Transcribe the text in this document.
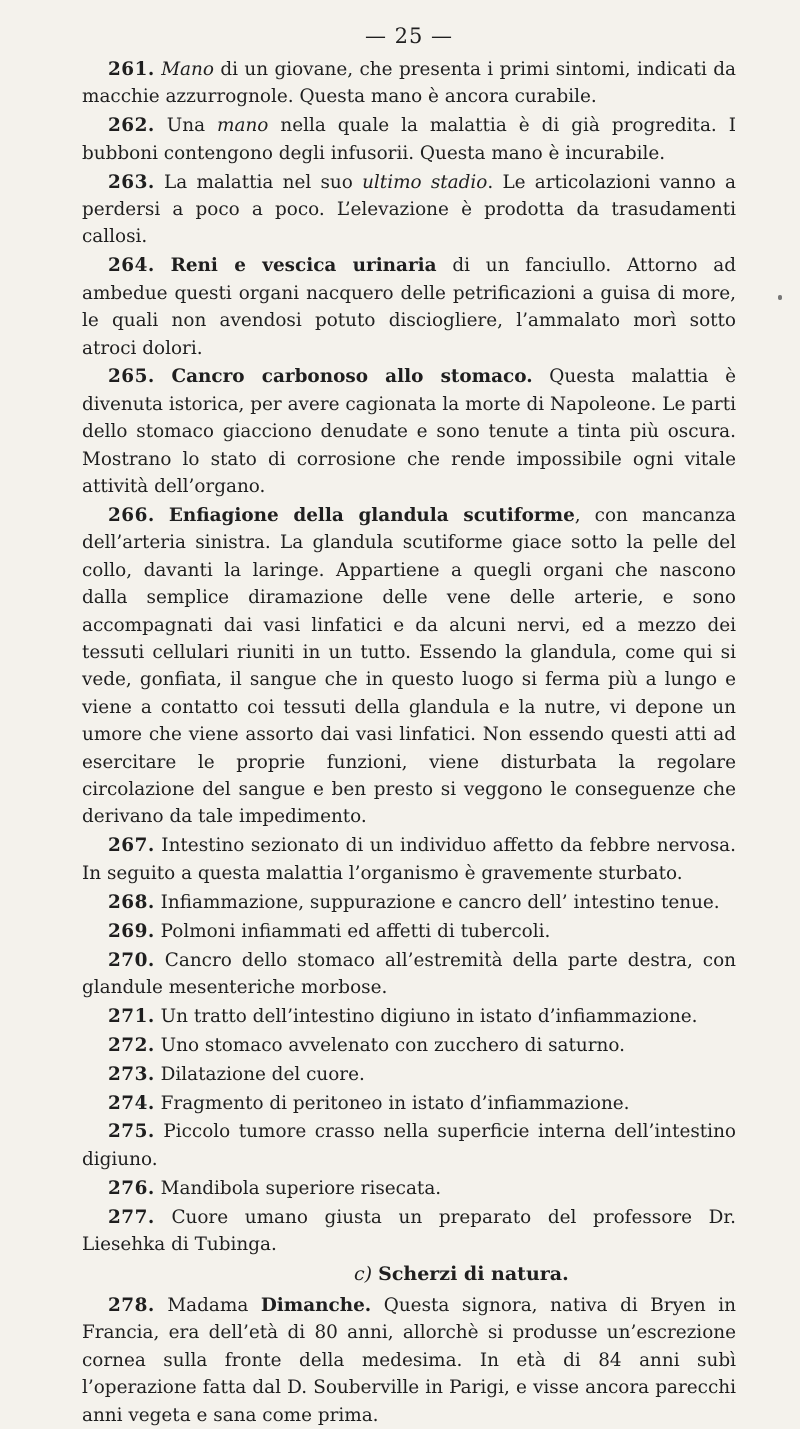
— 25 —

261. Mano di un giovane, che presenta i primi sintomi, indicati da macchie azzurrognole. Questa mano è ancora curabile.

262. Una mano nella quale la malattia è di già progredita. I bubboni contengono degli infusorii. Questa mano è incurabile.

263. La malattia nel suo ultimo stadio. Le articolazioni vanno a perdersi a poco a poco. L’elevazione è prodotta da trasudamenti callosi.

264. Reni e vescica urinaria di un fanciullo. Attorno ad ambedue questi organi nacquero delle petrificazioni a guisa di more, le quali non avendosi potuto disciogliere, l’ammalato morì sotto atroci dolori.

265. Cancro carbonoso allo stomaco. Questa malattia è divenuta istorica, per avere cagionata la morte di Napoleone. Le parti dello stomaco giacciono denudate e sono tenute a tinta più oscura. Mostrano lo stato di corrosione che rende impossibile ogni vitale attività dell’organo.

266. Enfiagione della glandula scutiforme, con mancanza dell’arteria sinistra. La glandula scutiforme giace sotto la pelle del collo, davanti la laringe. Appartiene a quegli organi che nascono dalla semplice diramazione delle vene delle arterie, e sono accompagnati dai vasi linfatici e da alcuni nervi, ed a mezzo dei tessuti cellulari riuniti in un tutto. Essendo la glandula, come qui si vede, gonfiata, il sangue che in questo luogo si ferma più a lungo e viene a contatto coi tessuti della glandula e la nutre, vi depone un umore che viene assorto dai vasi linfatici. Non essendo questi atti ad esercitare le proprie funzioni, viene disturbata la regolare circolazione del sangue e ben presto si veggono le conseguenze che derivano da tale impedimento.

267. Intestino sezionato di un individuo affetto da febbre nervosa. In seguito a questa malattia l’organismo è gravemente sturbato.

268. Infiammazione, suppurazione e cancro dell’ intestino tenue.

269. Polmoni infiammati ed affetti di tubercoli.

270. Cancro dello stomaco all’estremità della parte destra, con glandule mesenteriche morbose.

271. Un tratto dell’intestino digiuno in istato d’infiammazione.

272. Uno stomaco avvelenato con zucchero di saturno.

273. Dilatazione del cuore.

274. Fragmento di peritoneo in istato d’infiammazione.

275. Piccolo tumore crasso nella superficie interna dell’intestino digiuno.

276. Mandibola superiore risecata.

277. Cuore umano giusta un preparato del professore Dr. Liesehka di Tubinga.

c) Scherzi di natura.

278. Madama Dimanche. Questa signora, nativa di Bryen in Francia, era dell’età di 80 anni, allorchè si produsse un’escrezione cornea sulla fronte della medesima. In età di 84 anni subì l’operazione fatta dal D. Souberville in Parigi, e visse ancora parecchi anni vegeta e sana come prima.
